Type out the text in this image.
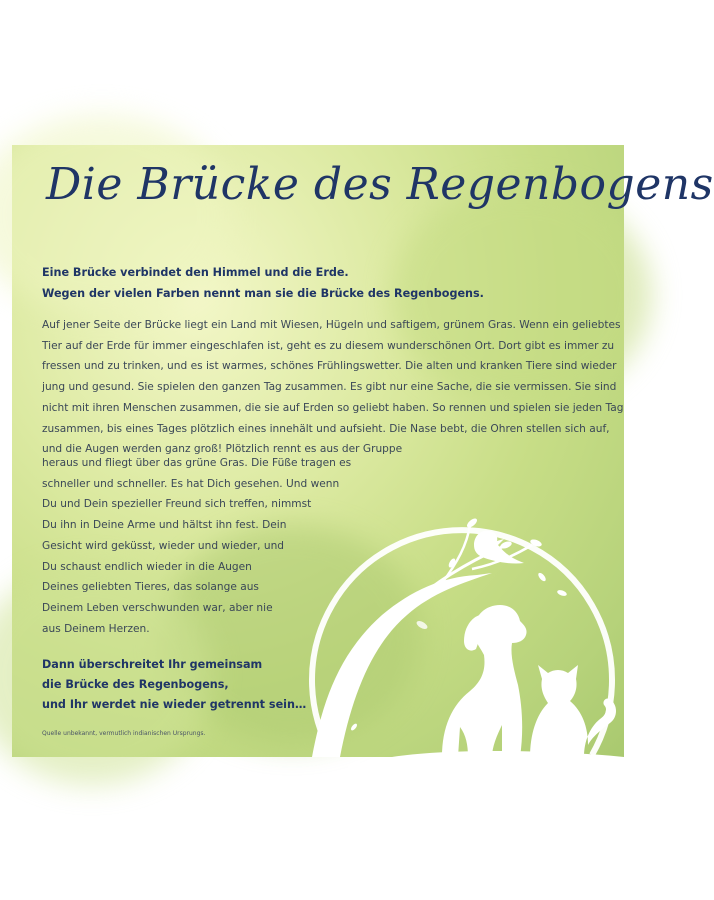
Die Brücke des Regenbogens
Eine Brücke verbindet den Himmel und die Erde.
Wegen der vielen Farben nennt man sie die Brücke des Regenbogens.
Auf jener Seite der Brücke liegt ein Land mit Wiesen, Hügeln und saftigem, grünem Gras. Wenn ein geliebtes
Tier auf der Erde für immer eingeschlafen ist, geht es zu diesem wunderschönen Ort. Dort gibt es immer zu
fressen und zu trinken, und es ist warmes, schönes Frühlingswetter. Die alten und kranken Tiere sind wieder
jung und gesund. Sie spielen den ganzen Tag zusammen. Es gibt nur eine Sache, die sie vermissen. Sie sind
nicht mit ihren Menschen zusammen, die sie auf Erden so geliebt haben. So rennen und spielen sie jeden Tag
zusammen, bis eines Tages plötzlich eines innehält und aufsieht. Die Nase bebt, die Ohren stellen sich auf,
und die Augen werden ganz groß! Plötzlich rennt es aus der Gruppe
heraus und fliegt über das grüne Gras. Die Füße tragen es
schneller und schneller. Es hat Dich gesehen. Und wenn
Du und Dein spezieller Freund sich treffen, nimmst
Du ihn in Deine Arme und hältst ihn fest. Dein
Gesicht wird geküsst, wieder und wieder, und
Du schaust endlich wieder in die Augen
Deines geliebten Tieres, das solange aus
Deinem Leben verschwunden war, aber nie
aus Deinem Herzen.
Dann überschreitet Ihr gemeinsam
die Brücke des Regenbogens,
und Ihr werdet nie wieder getrennt sein…
Quelle unbekannt, vermutlich indianischen Ursprungs.
